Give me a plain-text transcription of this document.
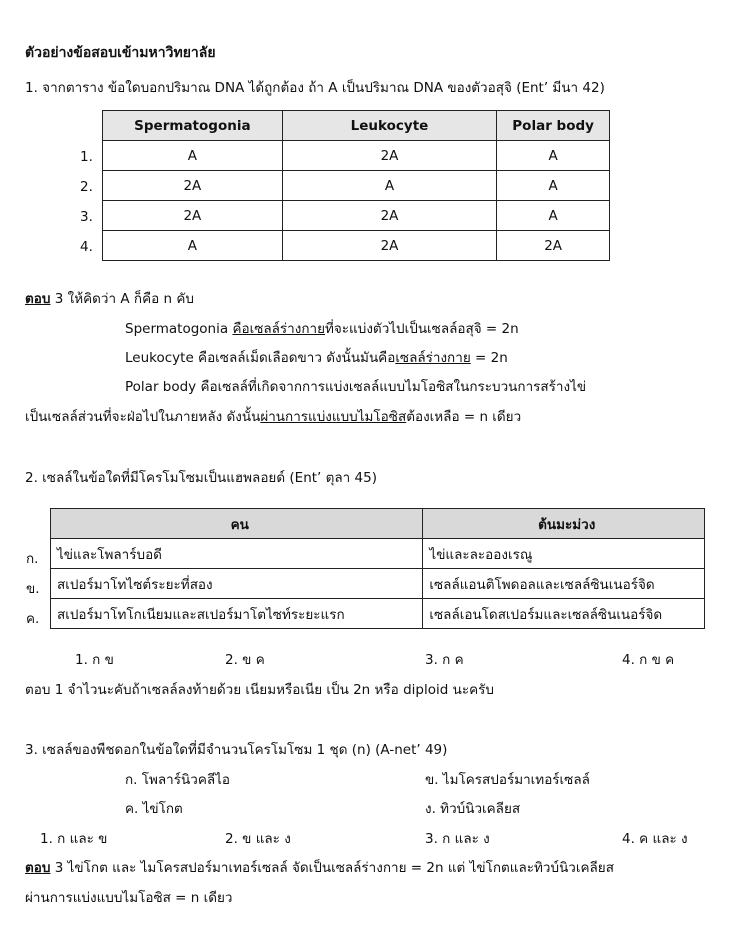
ตัวอย่างข้อสอบเข้ามหาวิทยาลัย
1. จากตาราง ข้อใดบอกปริมาณ DNA ได้ถูกต้อง ถ้า A เป็นปริมาณ DNA ของตัวอสุจิ (Ent’ มีนา 42)
Spermatogonia	Leukocyte	Polar body
A	2A	A
2A	A	A
2A	2A	A
A	2A	2A
1.
2.
3.
4.
ตอบ 3 ให้คิดว่า A ก็คือ n คับ
Spermatogonia คือเซลล์ร่างกายที่จะแบ่งตัวไปเป็นเซลล์อสุจิ = 2n
Leukocyte คือเซลล์เม็ดเลือดขาว ดังนั้นมันคือเซลล์ร่างกาย = 2n
Polar body คือเซลล์ที่เกิดจากการแบ่งเซลล์แบบไมโอซิสในกระบวนการสร้างไข่
เป็นเซลล์ส่วนที่จะฝ่อไปในภายหลัง ดังนั้นผ่านการแบ่งแบบไมโอซิสต้องเหลือ = n เดียว
2. เซลล์ในข้อใดที่มีโครโมโซมเป็นแฮพลอยด์ (Ent’ ตุลา 45)
คน	ต้นมะม่วง
ไข่และโพลาร์บอดี	ไข่และละอองเรณู
สเปอร์มาโทไซต์ระยะที่สอง	เซลล์แอนติโพดอลและเซลล์ซินเนอร์จิด
สเปอร์มาโทโกเนียมและสเปอร์มาโตไซท์ระยะแรก	เซลล์เอนโดสเปอร์มและเซลล์ซินเนอร์จิด
ก.
ข.
ค.
1. ก ข	2. ข ค	3. ก ค	4. ก ข ค
ตอบ 1 จำไวนะคับถ้าเซลล์ลงท้ายด้วย เนียมหรือเนีย เป็น 2n หรือ diploid นะครับ
3. เซลล์ของพืชดอกในข้อใดที่มีจำนวนโครโมโซม 1 ชุด (n) (A-net’ 49)
ก. โพลาร์นิวคลีไอ	ข. ไมโครสปอร์มาเทอร์เซลล์
ค. ไข่โกต	ง. ทิวบ์นิวเคลียส
1. ก และ ข	2. ข และ ง	3. ก และ ง	4. ค และ ง
ตอบ 3 ไข่โกต และ ไมโครสปอร์มาเทอร์เซลล์ จัดเป็นเซลล์ร่างกาย = 2n แต่ ไข่โกตและทิวบ์นิวเคลียส
ผ่านการแบ่งแบบไมโอซิส = n เดียว
